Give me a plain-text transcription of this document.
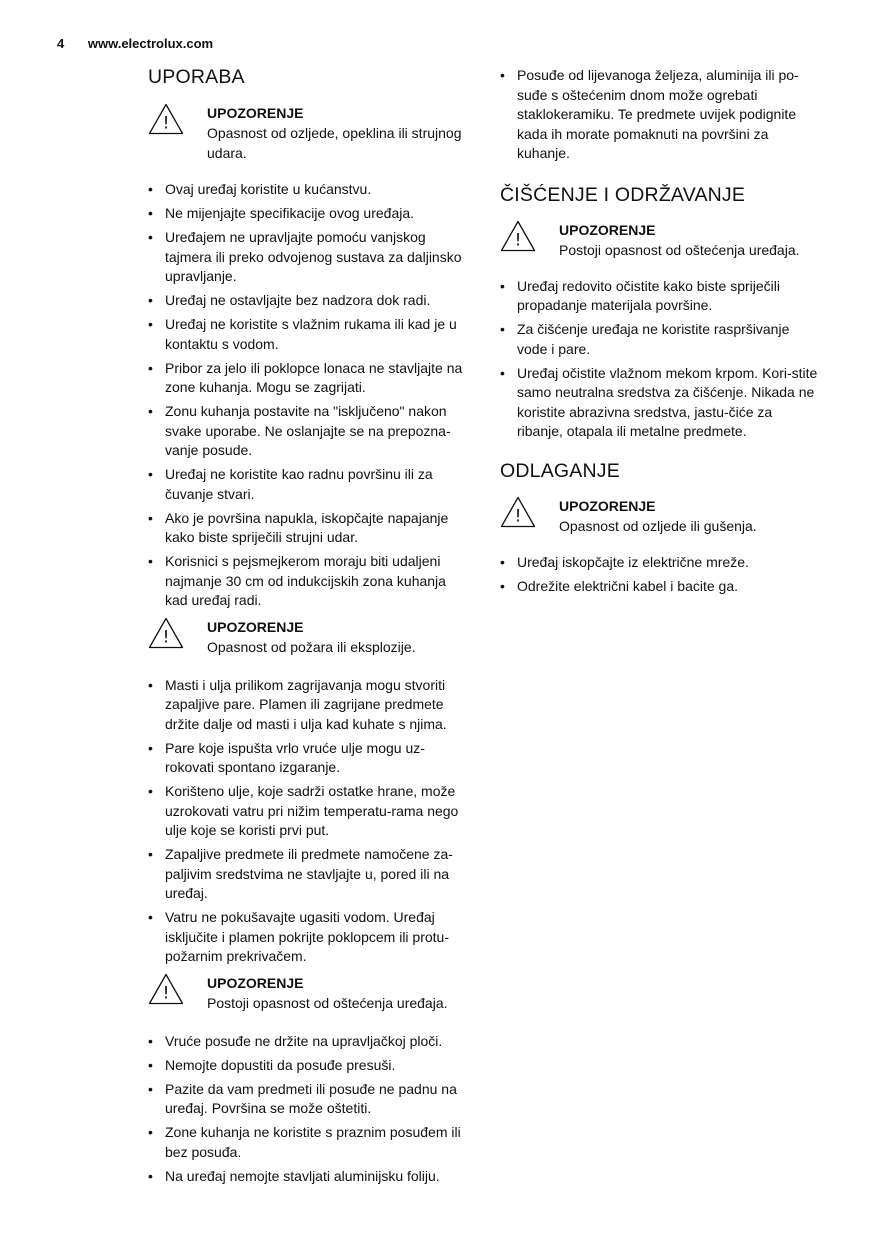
4 www.electrolux.com
UPORABA
!
UPOZORENJE
Opasnost od ozljede, opeklina ili strujnog udara.
• Ovaj uređaj koristite u kućanstvu.
• Ne mijenjajte specifikacije ovog uređaja.
• Uređajem ne upravljajte pomoću vanjskog tajmera ili preko odvojenog sustava za daljinsko upravljanje.
• Uređaj ne ostavljajte bez nadzora dok radi.
• Uređaj ne koristite s vlažnim rukama ili kad je u kontaktu s vodom.
• Pribor za jelo ili poklopce lonaca ne stavljajte na zone kuhanja. Mogu se zagrijati.
• Zonu kuhanja postavite na "isključeno" nakon svake uporabe. Ne oslanjajte se na prepozna-vanje posude.
• Uređaj ne koristite kao radnu površinu ili za čuvanje stvari.
• Ako je površina napukla, iskopčajte napajanje kako biste spriječili strujni udar.
• Korisnici s pejsmejkerom moraju biti udaljeni najmanje 30 cm od indukcijskih zona kuhanja kad uređaj radi.
!
UPOZORENJE
Opasnost od požara ili eksplozije.
• Masti i ulja prilikom zagrijavanja mogu stvoriti zapaljive pare. Plamen ili zagrijane predmete držite dalje od masti i ulja kad kuhate s njima.
• Pare koje ispušta vrlo vruće ulje mogu uz-rokovati spontano izgaranje.
• Korišteno ulje, koje sadrži ostatke hrane, može uzrokovati vatru pri nižim temperatu-rama nego ulje koje se koristi prvi put.
• Zapaljive predmete ili predmete namočene za-paljivim sredstvima ne stavljajte u, pored ili na uređaj.
• Vatru ne pokušavajte ugasiti vodom. Uređaj isključite i plamen pokrijte poklopcem ili protu-požarnim prekrivačem.
!
UPOZORENJE
Postoji opasnost od oštećenja uređaja.
• Vruće posuđe ne držite na upravljačkoj ploči.
• Nemojte dopustiti da posuđe presuši.
• Pazite da vam predmeti ili posuđe ne padnu na uređaj. Površina se može oštetiti.
• Zone kuhanja ne koristite s praznim posuđem ili bez posuđa.
• Na uređaj nemojte stavljati aluminijsku foliju.
• Posuđe od lijevanoga željeza, aluminija ili po-suđe s oštećenim dnom može ogrebati staklokeramiku. Te predmete uvijek podignite kada ih morate pomaknuti na površini za kuhanje.
ČIŠĆENJE I ODRŽAVANJE
!
UPOZORENJE
Postoji opasnost od oštećenja uređaja.
• Uređaj redovito očistite kako biste spriječili propadanje materijala površine.
• Za čišćenje uređaja ne koristite raspršivanje vode i pare.
• Uređaj očistite vlažnom mekom krpom. Kori-stite samo neutralna sredstva za čišćenje. Nikada ne koristite abrazivna sredstva, jastu-čiće za ribanje, otapala ili metalne predmete.
ODLAGANJE
!
UPOZORENJE
Opasnost od ozljede ili gušenja.
• Uređaj iskopčajte iz električne mreže.
• Odrežite električni kabel i bacite ga.
